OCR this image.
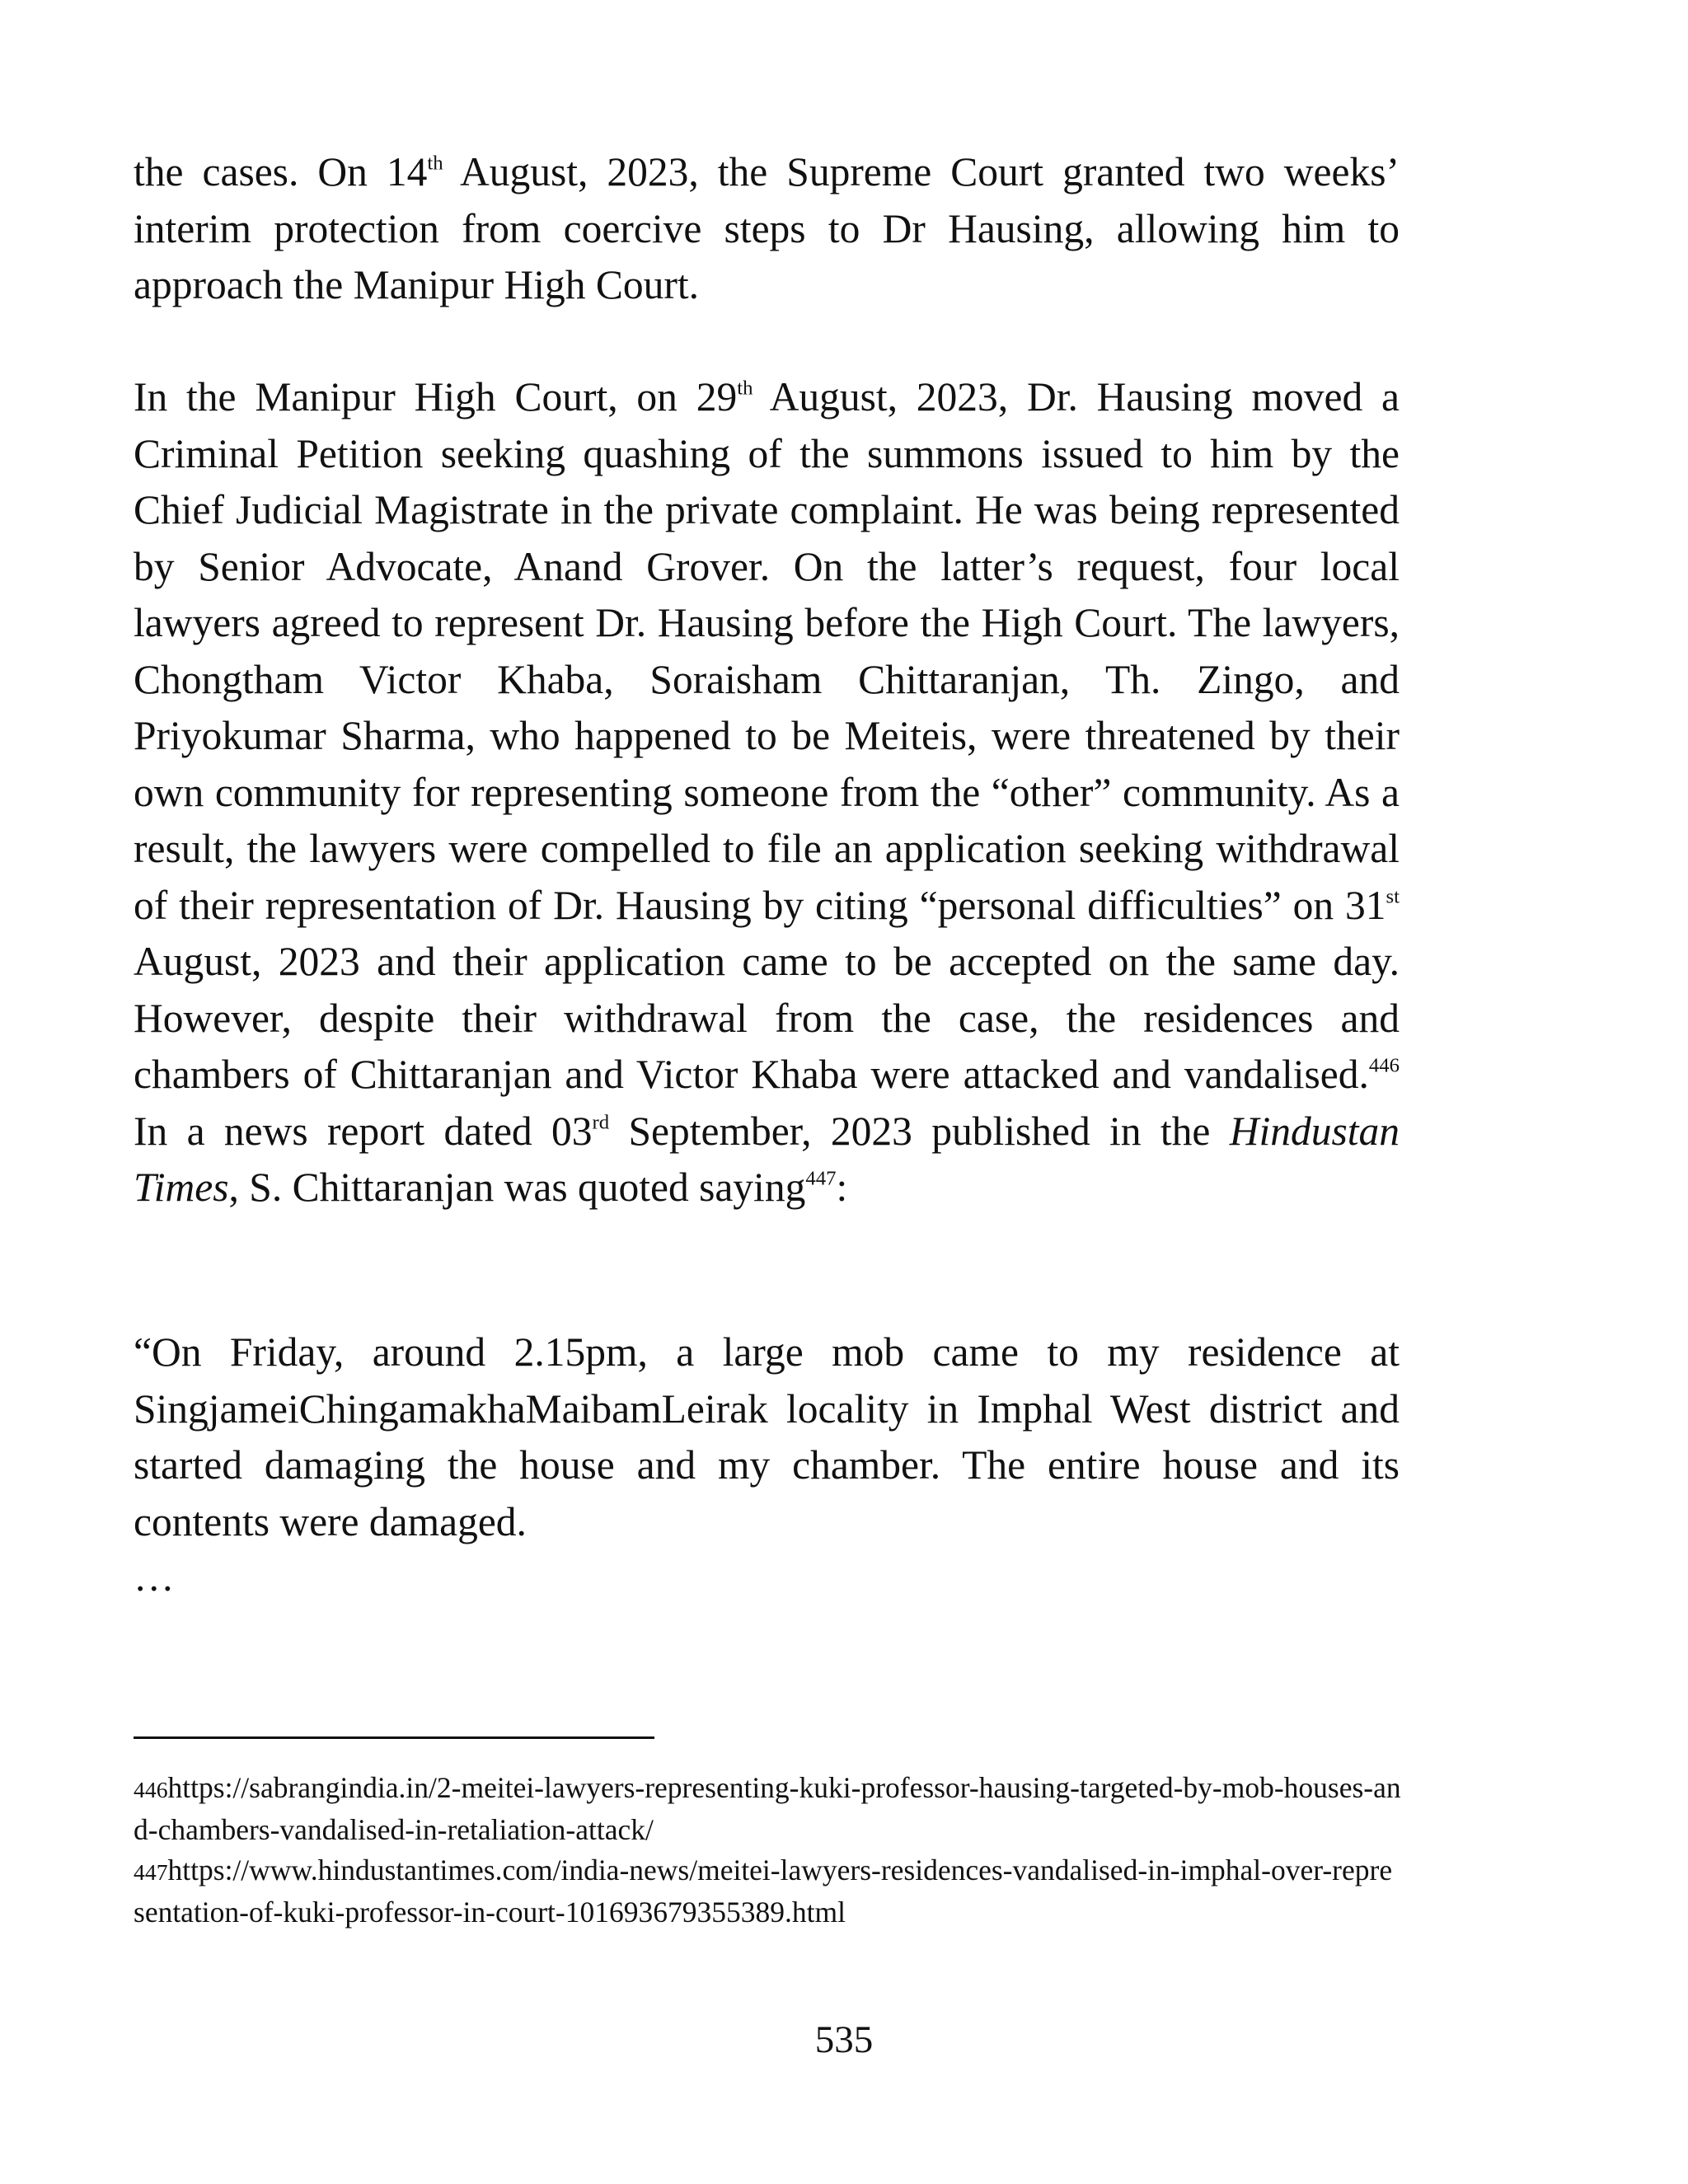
the cases. On 14th August, 2023, the Supreme Court granted two weeks’ interim protection from coercive steps to Dr Hausing, allowing him to approach the Manipur High Court.

In the Manipur High Court, on 29th August, 2023, Dr. Hausing moved a Criminal Petition seeking quashing of the summons issued to him by the Chief Judicial Magistrate in the private complaint. He was being represented by Senior Advocate, Anand Grover. On the latter’s request, four local lawyers agreed to represent Dr. Hausing before the High Court. The lawyers, Chongtham Victor Khaba, Soraisham Chittaranjan, Th. Zingo, and Priyokumar Sharma, who happened to be Meiteis, were threatened by their own community for representing someone from the “other” community. As a result, the lawyers were compelled to file an application seeking withdrawal of their representation of Dr. Hausing by citing “personal difficulties” on 31st August, 2023 and their application came to be accepted on the same day. However, despite their withdrawal from the case, the residences and chambers of Chittaranjan and Victor Khaba were attacked and vandalised.$^{446}$ In a news report dated 03rd September, 2023 published in the Hindustan Times, S. Chittaranjan was quoted saying$^{447}$:

“On Friday, around 2.15pm, a large mob came to my residence at SingjameiChingamakhaMaibamLeirak locality in Imphal West district and started damaging the house and my chamber. The entire house and its contents were damaged.

…

446https://sabrangindia.in/2-meitei-lawyers-representing-kuki-professor-hausing-targeted-by-mob-houses-and-chambers-vandalised-in-retaliation-attack/

447https://www.hindustantimes.com/india-news/meitei-lawyers-residences-vandalised-in-imphal-over-representation-of-kuki-professor-in-court-101693679355389.html

535
